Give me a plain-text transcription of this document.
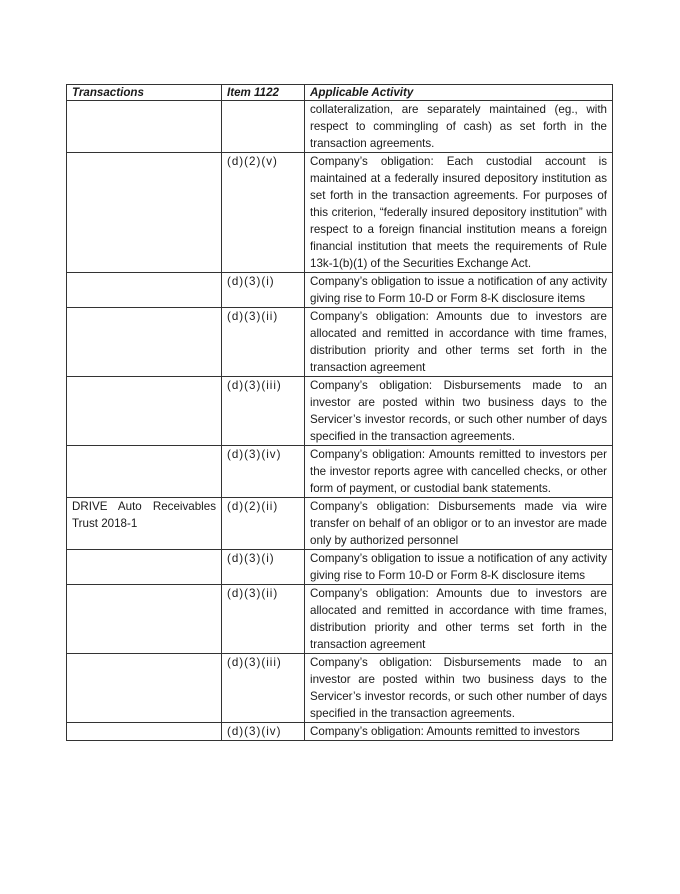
Transactions	Item 1122	Applicable Activity
		collateralization, are separately maintained (eg., with respect to commingling of cash) as set forth in the transaction agreements.
	(d)(2)(v)	Company’s obligation: Each custodial account is maintained at a federally insured depository institution as set forth in the transaction agreements. For purposes of this criterion, “federally insured depository institution” with respect to a foreign financial institution means a foreign financial institution that meets the requirements of Rule 13k-1(b)(1) of the Securities Exchange Act.
	(d)(3)(i)	Company’s obligation to issue a notification of any activity giving rise to Form 10-D or Form 8-K disclosure items
	(d)(3)(ii)	Company’s obligation: Amounts due to investors are allocated and remitted in accordance with time frames, distribution priority and other terms set forth in the transaction agreement
	(d)(3)(iii)	Company’s obligation: Disbursements made to an investor are posted within two business days to the Servicer’s investor records, or such other number of days specified in the transaction agreements.
	(d)(3)(iv)	Company’s obligation: Amounts remitted to investors per the investor reports agree with cancelled checks, or other form of payment, or custodial bank statements.
DRIVE Auto Receivables Trust 2018-1	(d)(2)(ii)	Company’s obligation: Disbursements made via wire transfer on behalf of an obligor or to an investor are made only by authorized personnel
	(d)(3)(i)	Company’s obligation to issue a notification of any activity giving rise to Form 10-D or Form 8-K disclosure items
	(d)(3)(ii)	Company’s obligation: Amounts due to investors are allocated and remitted in accordance with time frames, distribution priority and other terms set forth in the transaction agreement
	(d)(3)(iii)	Company’s obligation: Disbursements made to an investor are posted within two business days to the Servicer’s investor records, or such other number of days specified in the transaction agreements.
	(d)(3)(iv)	Company’s obligation: Amounts remitted to investors
